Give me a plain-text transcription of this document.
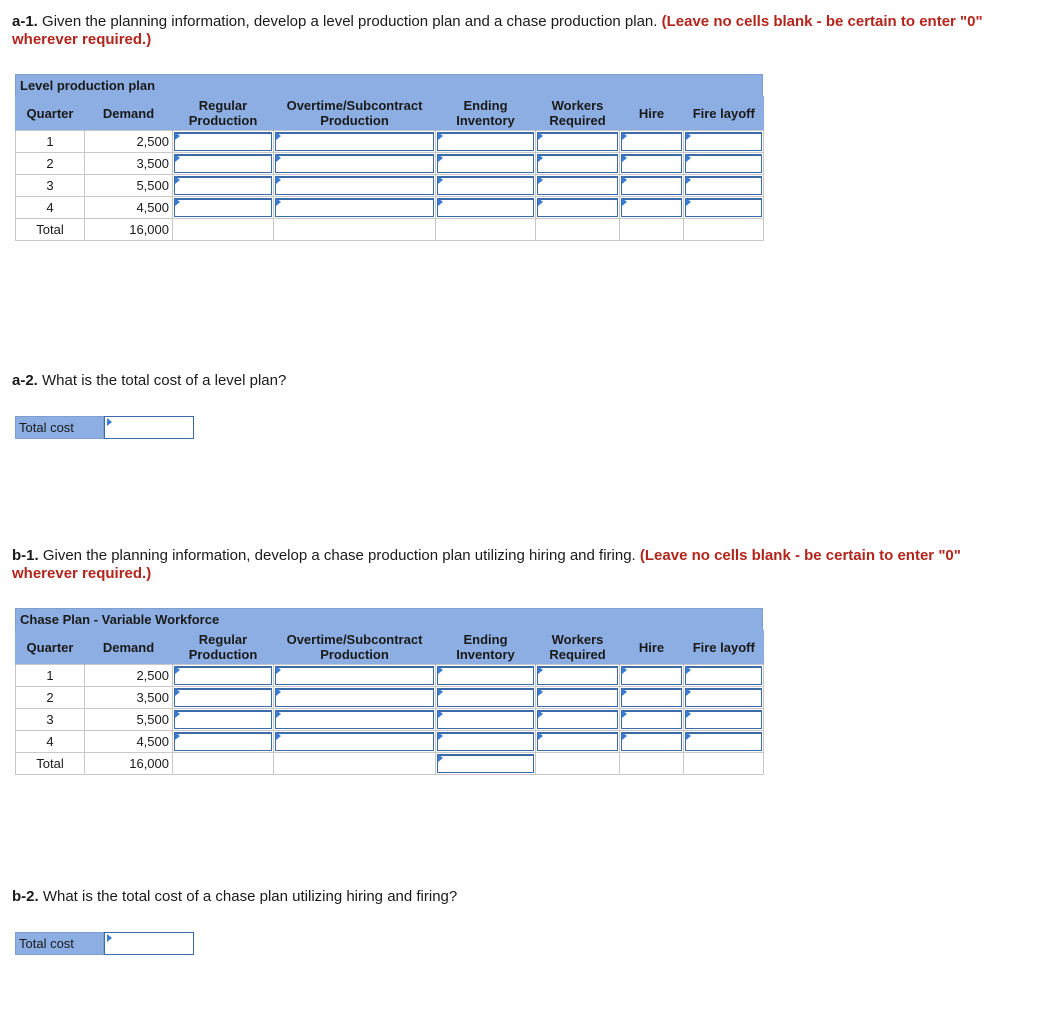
a-1. Given the planning information, develop a level production plan and a chase production plan. (Leave no cells blank - be certain to enter "0" wherever required.)
Level production plan
Quarter	Demand	Regular Production	Overtime/Subcontract Production	Ending Inventory	Workers Required	Hire	Fire layoff
1	2,500	

2	3,500	

3	5,500	

4	4,500	

Total	16,000						
a-2. What is the total cost of a level plan?
Total cost
b-1. Given the planning information, develop a chase production plan utilizing hiring and firing. (Leave no cells blank - be certain to enter "0" wherever required.)
Chase Plan - Variable Workforce
Quarter	Demand	Regular Production	Overtime/Subcontract Production	Ending Inventory	Workers Required	Hire	Fire layoff
1	2,500	

2	3,500	

3	5,500	

4	4,500	

Total	16,000			

b-2. What is the total cost of a chase plan utilizing hiring and firing?
Total cost
